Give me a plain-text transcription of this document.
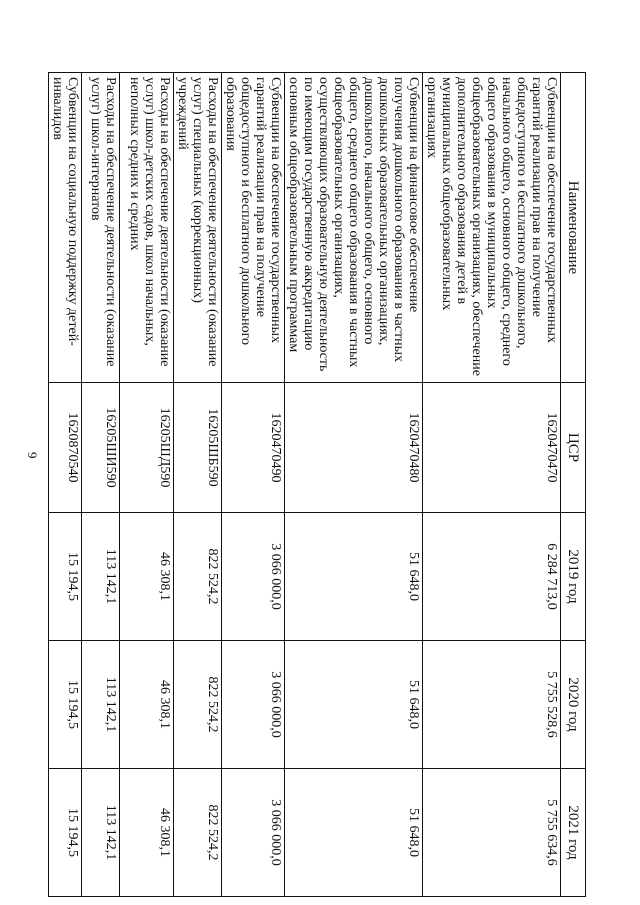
9
Наименование	ЦСР	2019 год	2020 год	2021 год
Субвенции на обеспечение государственных гарантий реализации прав на получение общедоступного и бесплатного дошкольного, начального общего, основного общего, среднего общего образования в муниципальных общеобразовательных организациях, обеспечение дополнительного образования детей в муниципальных общеобразовательных организациях	1620470470	6 284 713,0	5 755 528,6	5 755 634,6
Субвенции на финансовое обеспечение получения дошкольного образования в частных дошкольных образовательных организациях, дошкольного, начального общего, основного общего, среднего общего образования в частных общеобразовательных организациях, осуществляющих образовательную деятельность по имеющим государственную аккредитацию основным общеобразовательным программам	1620470480	51 648,0	51 648,0	51 648,0
Субвенции на обеспечение государственных гарантий реализации прав на получение общедоступного и бесплатного дошкольного образования	1620470490	3 066 000,0	3 066 000,0	3 066 000,0
Расходы на обеспечение деятельности (оказание услуг) специальных (коррекционных) учреждений	16205ШБ590	822 524,2	822 524,2	822 524,2
Расходы на обеспечение деятельности (оказание услуг) школ-детских садов, школ начальных, неполных средних и средних	16205ШД590	46 308,1	46 308,1	46 308,1
Расходы на обеспечение деятельности (оказание услуг) школ-интернатов	16205ШИ590	113 142,1	113 142,1	113 142,1
Субвенции на социальную поддержку детей-инвалидов	1620870540	15 194,5	15 194,5	15 194,5
